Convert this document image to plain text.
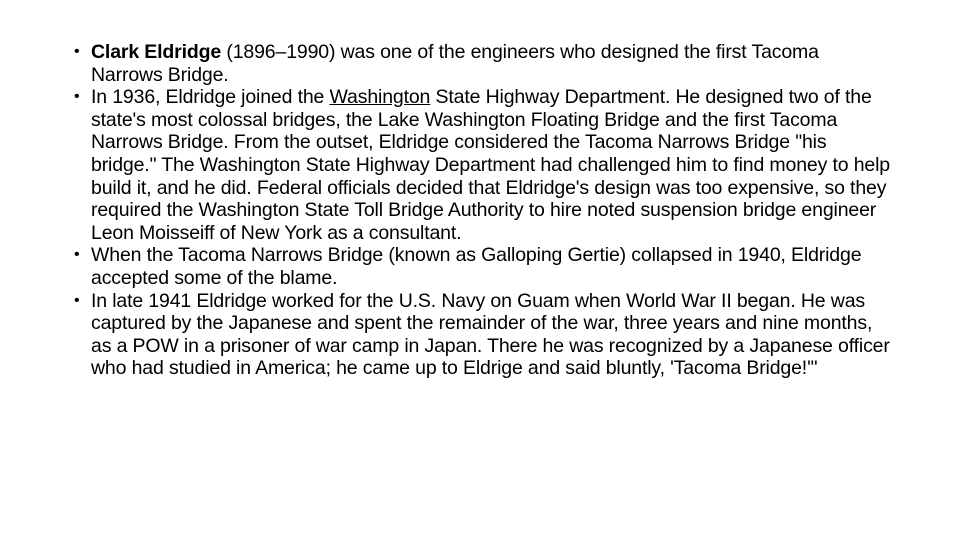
• Clark Eldridge (1896–1990) was one of the engineers who designed the first Tacoma Narrows Bridge.
• In 1936, Eldridge joined the Washington State Highway Department. He designed two of the state's most colossal bridges, the Lake Washington Floating Bridge and the first Tacoma Narrows Bridge. From the outset, Eldridge considered the Tacoma Narrows Bridge "his bridge." The Washington State Highway Department had challenged him to find money to help build it, and he did. Federal officials decided that Eldridge's design was too expensive, so they required the Washington State Toll Bridge Authority to hire noted suspension bridge engineer Leon Moisseiff of New York as a consultant.
• When the Tacoma Narrows Bridge (known as Galloping Gertie) collapsed in 1940, Eldridge accepted some of the blame.
• In late 1941 Eldridge worked for the U.S. Navy on Guam when World War II began. He was captured by the Japanese and spent the remainder of the war, three years and nine months, as a POW in a prisoner of war camp in Japan. There he was recognized by a Japanese officer who had studied in America; he came up to Eldrige and said bluntly, 'Tacoma Bridge!'"
